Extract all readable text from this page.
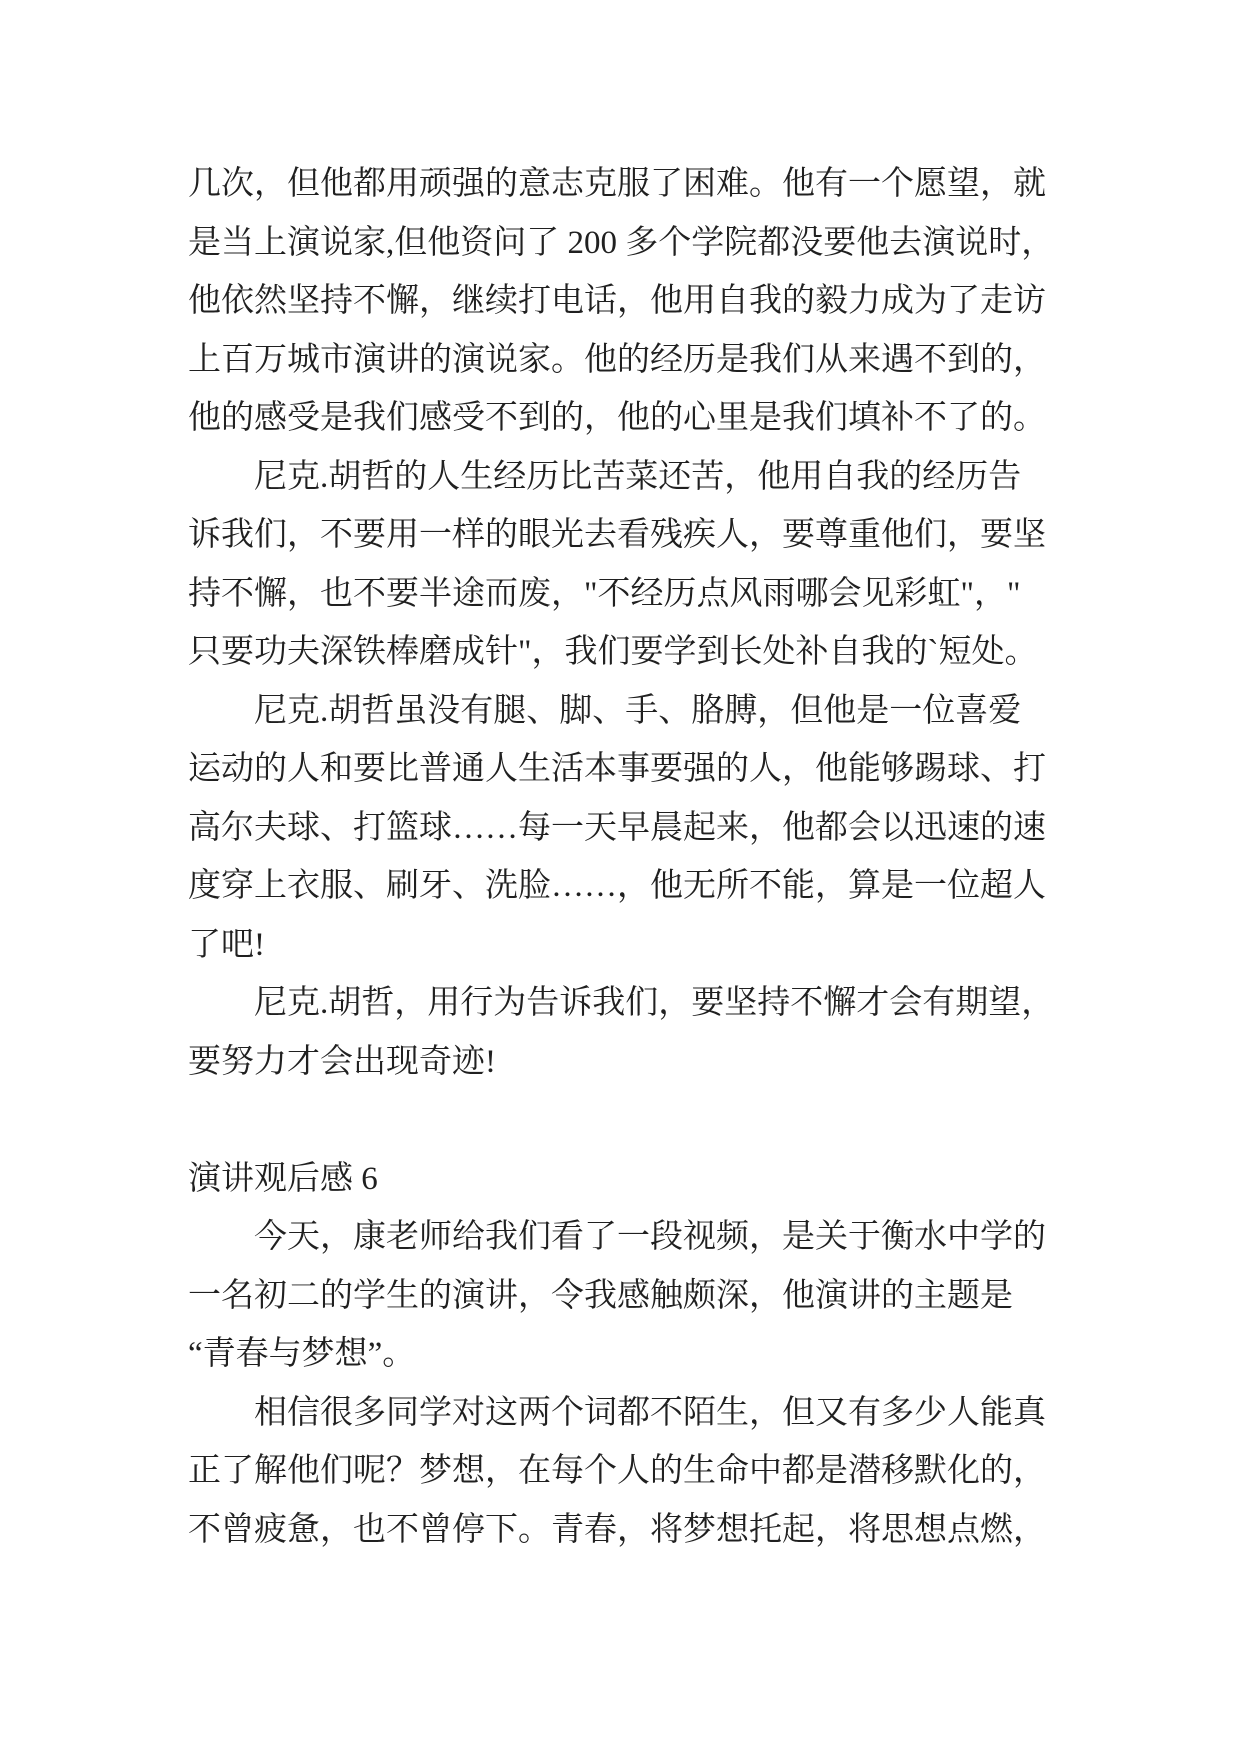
几次，但他都用顽强的意志克服了困难。他有一个愿望，就
是当上演说家,但他资问了 200 多个学院都没要他去演说时，
他依然坚持不懈，继续打电话，他用自我的毅力成为了走访
上百万城市演讲的演说家。他的经历是我们从来遇不到的，
他的感受是我们感受不到的，他的心里是我们填补不了的。
尼克.胡哲的人生经历比苦菜还苦，他用自我的经历告
诉我们，不要用一样的眼光去看残疾人，要尊重他们，要坚
持不懈，也不要半途而废，"不经历点风雨哪会见彩虹"，"
只要功夫深铁棒磨成针"，我们要学到长处补自我的`短处。
尼克.胡哲虽没有腿、脚、手、胳膊，但他是一位喜爱
运动的人和要比普通人生活本事要强的人，他能够踢球、打
高尔夫球、打篮球……每一天早晨起来，他都会以迅速的速
度穿上衣服、刷牙、洗脸……，他无所不能，算是一位超人
了吧!
尼克.胡哲，用行为告诉我们，要坚持不懈才会有期望，
要努力才会出现奇迹!
演讲观后感 6
今天，康老师给我们看了一段视频，是关于衡水中学的
一名初二的学生的演讲，令我感触颇深，他演讲的主题是
“青春与梦想”。
相信很多同学对这两个词都不陌生，但又有多少人能真
正了解他们呢？梦想，在每个人的生命中都是潜移默化的，
不曾疲惫，也不曾停下。青春，将梦想托起，将思想点燃，
